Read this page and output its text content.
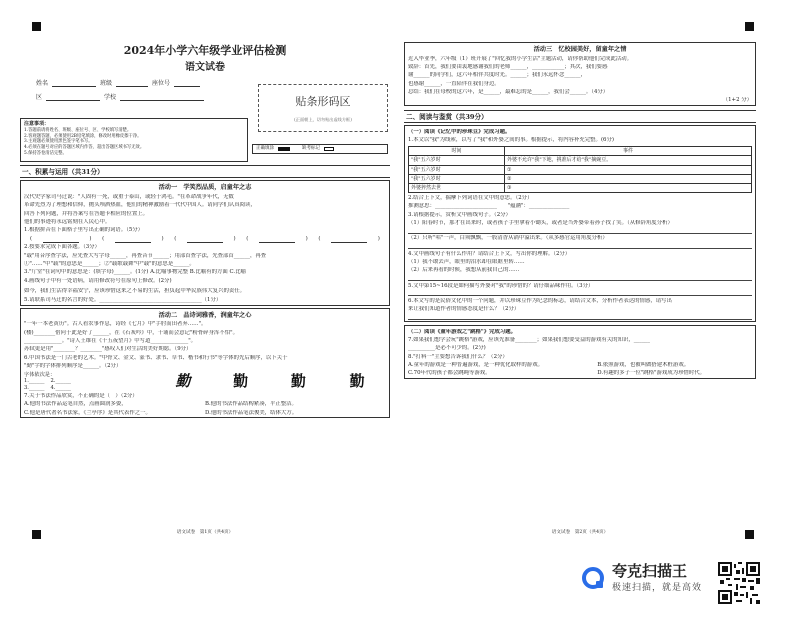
2024年小学六年级学业评估检测
语文试卷
姓名	班级	座位号
区	学校	贴条形码区
(正面朝上，切勿贴出虚线方框)
注意事项：
1.答题前请将姓名、班级、座位号、区、学校填写清楚。
2.客观题答题，必须使用2B铅笔填涂，修改时用橡皮擦干净。
3.主观题必须使用黑色签字笔书写。
4.必须在题号对应的答题区域内作答，超出答题区域书写无效。
5.保持答卷清洁完整。
正确填涂	缺考标记
一、积累与运用（共31分）
活动一　学笑烈品质，启童年之志
汉代史学家司马迁说："人固有一死，或重于泰山，或轻于鸿毛。"在革命战争年代，无数
革命先烈为了理想和信仰，抛头颅洒热血，他们的精神激励着一代代中国人。请同学们认真阅读，
回答下列问题，并将答案写在答题卡相应的位置上。
他们的事迹将永远铭刻在人民心中。
1.根据拼音在下面格子里写出正确的词语。（5分）
(	) (	) (	) (	) (	)
2.按要求完成下面各题。（3分）
"载"用音序查字法，应先查大写字母______，再查音节______；用部首查字法，先查部首______，再查
①"……"中"载"的意思是______；②"载歌载舞"中"载"的意思是______。
3."厅堂"在词句中的意思是：(填字母)______。(1分) A.比喻事物完整 B.比喻有的方面 C.比喻
4.画线句子中有一处语病，请用修改符号在原句上修改。(2分)
如今，我们生活得幸福安宁，应该珍惜这来之不易的生活，担负起中华民族伟大复兴的责任。
5.请联系司马迁的名言的好处。______________________________________（1分）
活动二　品诗词雅香，润童年之心
"一年一本老黄历"。古人看农事作息，诗经《七月》中"手肘而田者弃……"。
(楼)________借问于此是好了______，在《石灰吟》中，千诵而会意记"粉骨碎身浑不怕"。
______________。"诗人王维在《十五夜望月》中写道______________"。
苏轼更是用"________？________"感叹人们对生活的美好期愿。（9分）
6.中国书法是一门古老的艺术。"甲骨文、金文、篆书、隶书、草书、楷书和行书"等字体的先后顺序，以下关于
"勤"字的字体排列顺序是______。（2分）
字体依次是：
1.______ 2.______
3.______ 4.______	勤	勤	勤	勤
7.关于书法作品欣赏，不正确的是（　）（2分）
A.他的书法作品运笔自然，点画圆润多姿，	B.他的书法作品结构紧凑，平正整洁。
C.他是唐代著名书法家，《兰亭序》是其代表作之一。	D.他的书法作品笔法俊美，结体大方。
语文试卷　第1页（共4页）
活动三　忆校园美好，留童年之情
近入毕业季，六年级（1）班开展了"回忆我的小学生活"主题活动，请你帮助他们完成此活动。
致辞：首先，我们要由衷地感谢我们的老师______，____________；其次，我们要感
谢______的同学们，这六年相伴共度时光。______；我们永远怀念______，
也感谢______，一直陪伴在我们身边。
总结：我们在母校的这六年，是______，最难忘的是______，我们会______。（4分）
（1+2 分）
二、阅读与鉴赏（共39分）
（一）阅读《记忆中的珍珠豆》完成习题。
1.本文以"我"为线索，以写了"我"和外婆之间的事。根据提示，将内容补充完整。(6分)
时间	事件
"我"五六岁时	外婆不允许"我"下地，挑准后才给"我"摘豌豆。
"我"五六岁时	①
"我"五六岁时	②
外婆猝然去世	③
2.结合上下文，揣摩下列词语在文中的意思。（2分）
推测意思：_______________________　　"蕴涵"：_______________
3.请根据提示，赏析文中画线句子。（2分）
（1）阳春时节，那才在出来时，或者孩子手里拿着小锄头，或者是当外婆带着孙子找了笑。（从修辞角度分析）
（2）只听"咕"一声，白须飘飘，一股清香从锅中溢出来。（从多感官运用角度分析）
4.文中画线句子有什么作用？请结合上下文，写出你的理解。（2分）
（1）我不敢去声，眼里的泪水却在眼眶里转……
（2）后来再看的时候，我想从前我自己的……
5.文中第15~16段是如何描写外婆对"我"的珍惜的？请仔细品味作用。（3分）
6.本文写的是民俗文化中的一个问题，并以珍珠豆作为纪念的标志，请结合文本，分析作者表达的情感，请写出
来让我们知道作者的情感态度是什么？（2分）
（二）阅读《童年游戏之"跳格"》完成习题。
7.如果我们想学会玩"跳格"游戏，应该先准备________；如果我们想要受益的游戏有关的知识，______
__________是必不可少的。(2分)
8."打料一"主要想告诉我们什么？（2分）
A.童年的游戏是一种普遍游戏，是一种优化取样的游戏。	B.依照游戏，也被叫做搭建木桩游戏。
C.70年代的孩子都会跳绳等游戏。	D.有趣的多子一位"跳格"游戏成为珍惜时代。
语文试卷　第2页（共4页）
夸克扫描王
极速扫描，就是高效
